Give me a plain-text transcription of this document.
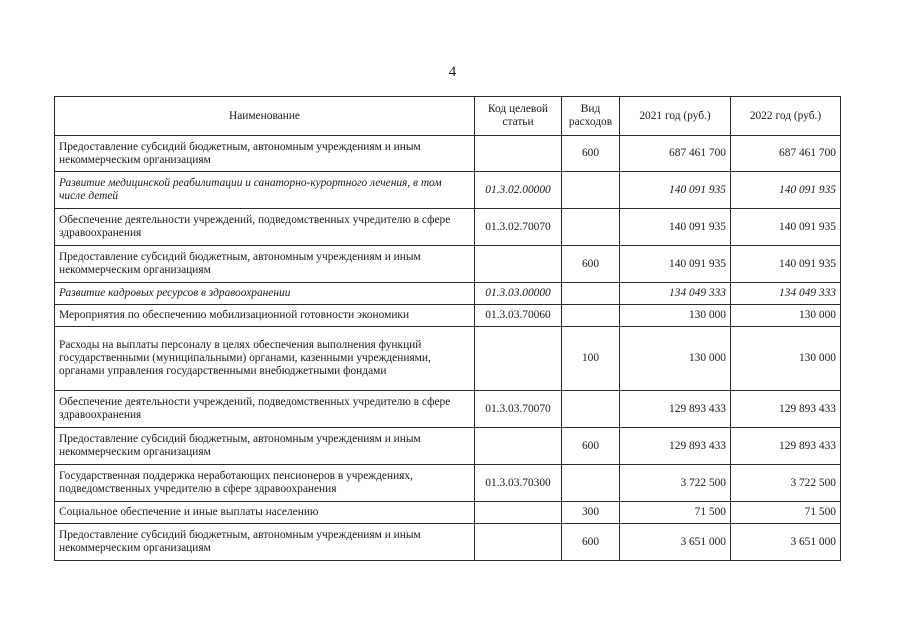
4
Наименование	Код целевой статьи	Вид расходов	2021 год (руб.)	2022 год (руб.)
Предоставление субсидий бюджетным, автономным учреждениям и иным некоммерческим организациям		600	687 461 700	687 461 700
Развитие медицинской реабилитации и санаторно-курортного лечения, в том числе детей	01.3.02.00000		140 091 935	140 091 935
Обеспечение деятельности учреждений, подведомственных учредителю в сфере здравоохранения	01.3.02.70070		140 091 935	140 091 935
Предоставление субсидий бюджетным, автономным учреждениям и иным некоммерческим организациям		600	140 091 935	140 091 935
Развитие кадровых ресурсов в здравоохранении	01.3.03.00000		134 049 333	134 049 333
Мероприятия по обеспечению мобилизационной готовности экономики	01.3.03.70060		130 000	130 000
Расходы на выплаты персоналу в целях обеспечения выполнения функций государственными (муниципальными) органами, казенными учреждениями, органами управления государственными внебюджетными фондами		100	130 000	130 000
Обеспечение деятельности учреждений, подведомственных учредителю в сфере здравоохранения	01.3.03.70070		129 893 433	129 893 433
Предоставление субсидий бюджетным, автономным учреждениям и иным некоммерческим организациям		600	129 893 433	129 893 433
Государственная поддержка неработающих пенсионеров в учреждениях, подведомственных учредителю в сфере здравоохранения	01.3.03.70300		3 722 500	3 722 500
Социальное обеспечение и иные выплаты населению		300	71 500	71 500
Предоставление субсидий бюджетным, автономным учреждениям и иным некоммерческим организациям		600	3 651 000	3 651 000
